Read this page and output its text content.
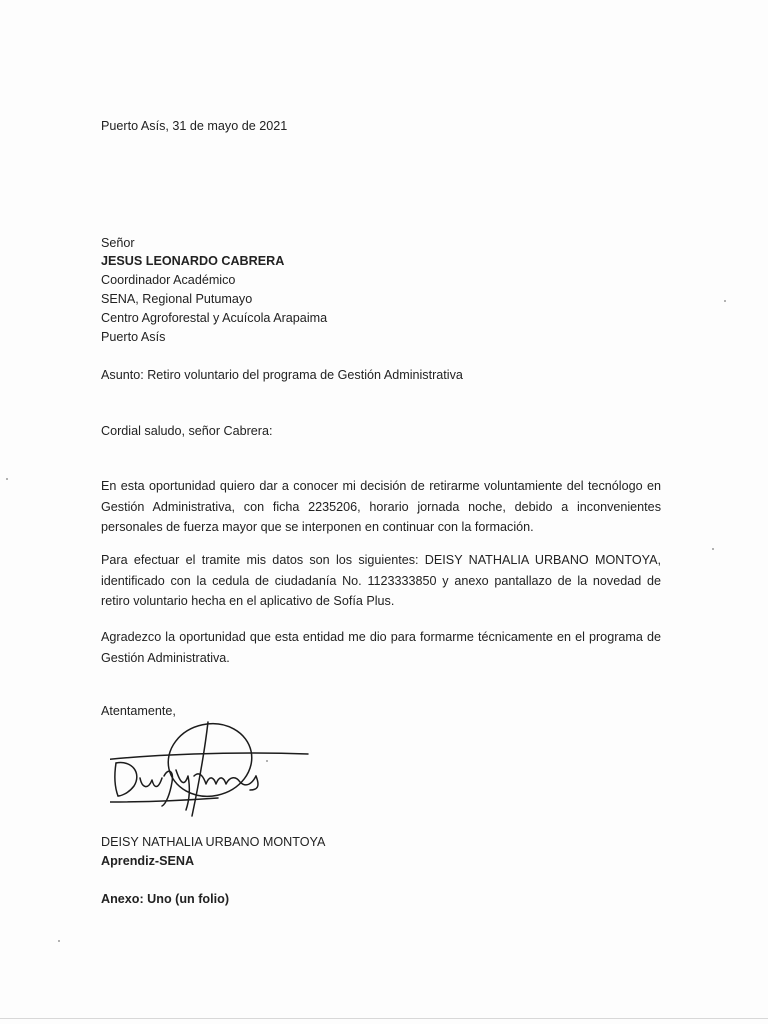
Puerto Asís, 31 de mayo de 2021
Señor
JESUS LEONARDO CABRERA
Coordinador Académico
SENA, Regional Putumayo
Centro Agroforestal y Acuícola Arapaima
Puerto Asís
Asunto: Retiro voluntario del programa de Gestión Administrativa
Cordial saludo, señor Cabrera:
En esta oportunidad quiero dar a conocer mi decisión de retirarme voluntamiente del tecnólogo en Gestión Administrativa, con ficha 2235206, horario jornada noche, debido a inconvenientes personales de fuerza mayor que se interponen en continuar con la formación.
Para efectuar el tramite mis datos son los siguientes: DEISY NATHALIA URBANO MONTOYA, identificado con la cedula de ciudadanía No. 1123333850 y anexo pantallazo de la novedad de retiro voluntario hecha en el aplicativo de Sofía Plus.
Agradezco la oportunidad que esta entidad me dio para formarme técnicamente en el programa de Gestión Administrativa.
Atentamente,
DEISY NATHALIA URBANO MONTOYA
Aprendiz-SENA
Anexo: Uno (un folio)
